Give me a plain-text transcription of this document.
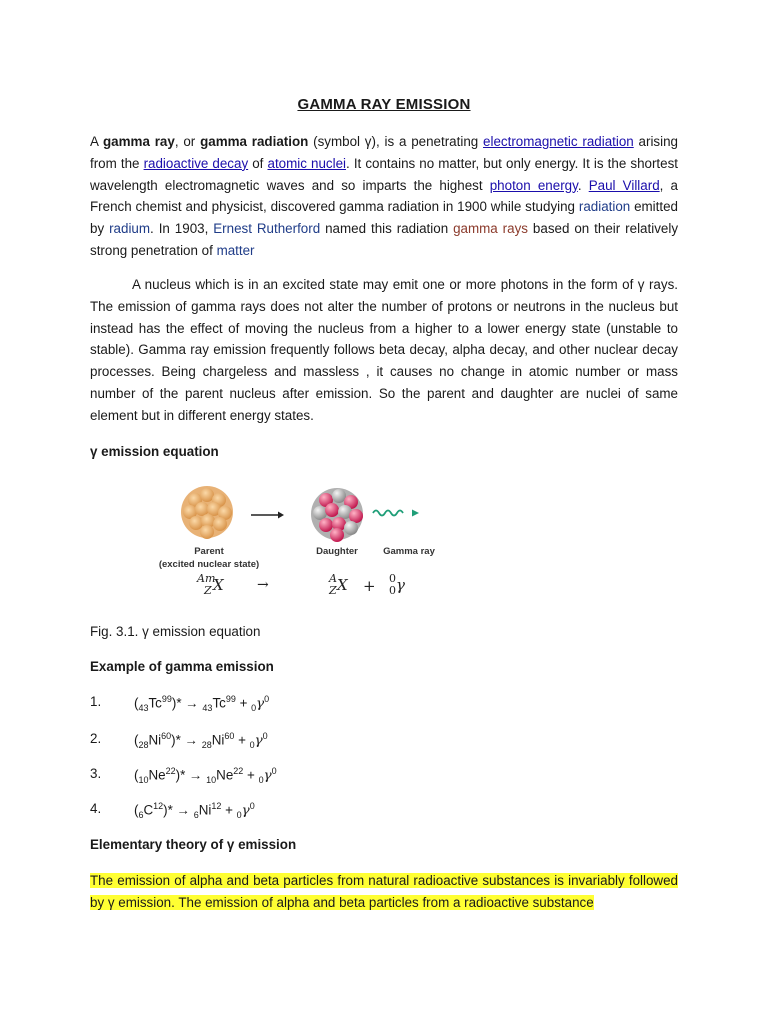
GAMMA RAY EMISSION

A gamma ray, or gamma radiation (symbol γ), is a penetrating electromagnetic radiation arising from the radioactive decay of atomic nuclei. It contains no matter, but only energy. It is the shortest wavelength electromagnetic waves and so imparts the highest photon energy. Paul Villard, a French chemist and physicist, discovered gamma radiation in 1900 while studying radiation emitted by radium. In 1903, Ernest Rutherford named this radiation gamma rays based on their relatively strong penetration of matter

A nucleus which is in an excited state may emit one or more photons in the form of γ rays. The emission of gamma rays does not alter the number of protons or neutrons in the nucleus but instead has the effect of moving the nucleus from a higher to a lower energy state (unstable to stable). Gamma ray emission frequently follows beta decay, alpha decay, and other nuclear decay processes. Being chargeless and massless , it causes no change in atomic number or mass number of the parent nucleus after emission. So the parent and daughter are nuclei of same element but in different energy states.

γ emission equation
Parent
(excited nuclear state)
Daughter	Gamma ray
Am
Z X →	A
Z X + 0
0 γ
Fig. 3.1. γ emission equation
Example of gamma emission
1. $(_{43}Tc^{99})* \to _{43}Tc^{99} + _0\gamma^0$
2. $(_{28}Ni^{60})* \to _{28}Ni^{60} + _0\gamma^0$
3. $(_{10}Ne^{22})* \to _{10}Ne^{22} + _0\gamma^0$
4. $(_6C^{12})* \to _6Ni^{12} + _0\gamma^0$
Elementary theory of γ emission
The emission of alpha and beta particles from natural radioactive substances is invariably followed by γ emission. The emission of alpha and beta particles from a radioactive substance
